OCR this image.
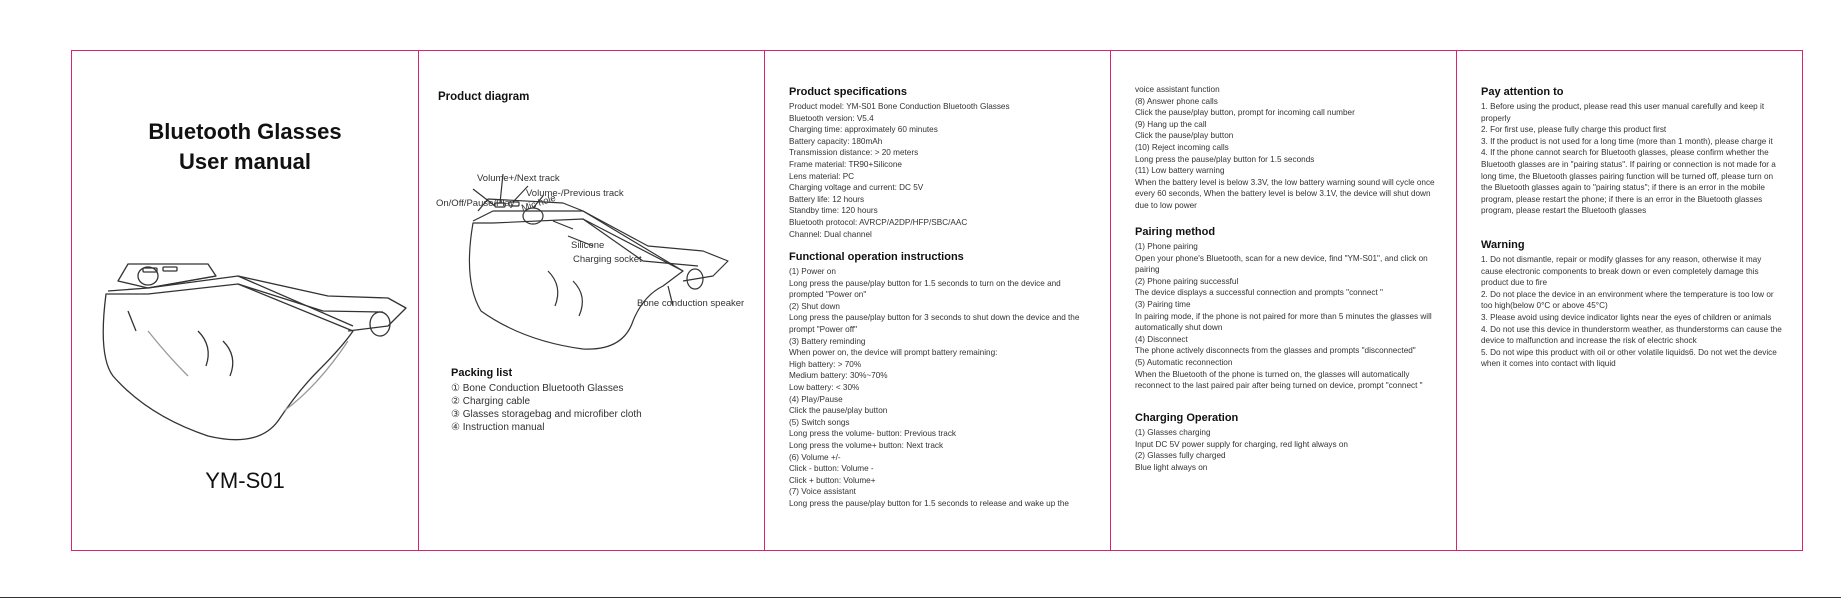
Bluetooth Glasses
User manual
YM-S01
Product diagram
Volume+/Next track
Volume-/Previous track
On/Off/Pause/Play Mic hole
Silicone
Charging socket
Bone conduction speaker
Packing list
① Bone Conduction Bluetooth Glasses
② Charging cable
③ Glasses storagebag and microfiber cloth
④ Instruction manual
Product specifications
Product model: YM-S01 Bone Conduction Bluetooth Glasses
Bluetooth version: V5.4
Charging time: approximately 60 minutes
Battery capacity: 180mAh
Transmission distance: > 20 meters
Frame material: TR90+Silicone
Lens material: PC
Charging voltage and current: DC 5V
Battery life: 12 hours
Standby time: 120 hours
Bluetooth protocol: AVRCP/A2DP/HFP/SBC/AAC
Channel: Dual channel
Functional operation instructions
(1) Power on
Long press the pause/play button for 1.5 seconds to turn on the device and prompted "Power on"
(2) Shut down
Long press the pause/play button for 3 seconds to shut down the device and the prompt "Power off"
(3) Battery reminding
When power on, the device will prompt battery remaining:
High battery: > 70%
Medium battery: 30%~70%
Low battery: < 30%
(4) Play/Pause
Click the pause/play button
(5) Switch songs
Long press the volume- button: Previous track
Long press the volume+ button: Next track
(6) Volume +/-
Click - button: Volume -
Click + button: Volume+
(7) Voice assistant
Long press the pause/play button for 1.5 seconds to release and wake up the
voice assistant function
(8) Answer phone calls
Click the pause/play button, prompt for incoming call number
(9) Hang up the call
Click the pause/play button
(10) Reject incoming calls
Long press the pause/play button for 1.5 seconds
(11) Low battery warning
When the battery level is below 3.3V, the low battery warning sound will cycle once every 60 seconds, When the battery level is below 3.1V, the device will shut down due to low power
Pairing method
(1) Phone pairing
Open your phone's Bluetooth, scan for a new device, find "YM-S01", and click on pairing
(2) Phone pairing successful
The device displays a successful connection and prompts "connect "
(3) Pairing time
In pairing mode, if the phone is not paired for more than 5 minutes the glasses will automatically shut down
(4) Disconnect
The phone actively disconnects from the glasses and prompts "disconnected"
(5) Automatic reconnection
When the Bluetooth of the phone is turned on, the glasses will automatically reconnect to the last paired pair after being turned on device, prompt "connect "
Charging Operation
(1) Glasses charging
Input DC 5V power supply for charging, red light always on
(2) Glasses fully charged
Blue light always on
Pay attention to
1. Before using the product, please read this user manual carefully and keep it properly
2. For first use, please fully charge this product first
3. If the product is not used for a long time (more than 1 month), please charge it
4. If the phone cannot search for Bluetooth glasses, please confirm whether the Bluetooth glasses are in "pairing status". If pairing or connection is not made for a long time, the Bluetooth glasses pairing function will be turned off, please turn on the Bluetooth glasses again to "pairing status"; if there is an error in the mobile program, please restart the phone; if there is an error in the Bluetooth glasses program, please restart the Bluetooth glasses
Warning
1. Do not dismantle, repair or modify glasses for any reason, otherwise it may cause electronic components to break down or even completely damage this product due to fire
2. Do not place the device in an environment where the temperature is too low or too high(below 0°C or above 45°C)
3. Please avoid using device indicator lights near the eyes of children or animals
4. Do not use this device in thunderstorm weather, as thunderstorms can cause the device to malfunction and increase the risk of electric shock
5. Do not wipe this product with oil or other volatile liquids6. Do not wet the device when it comes into contact with liquid
